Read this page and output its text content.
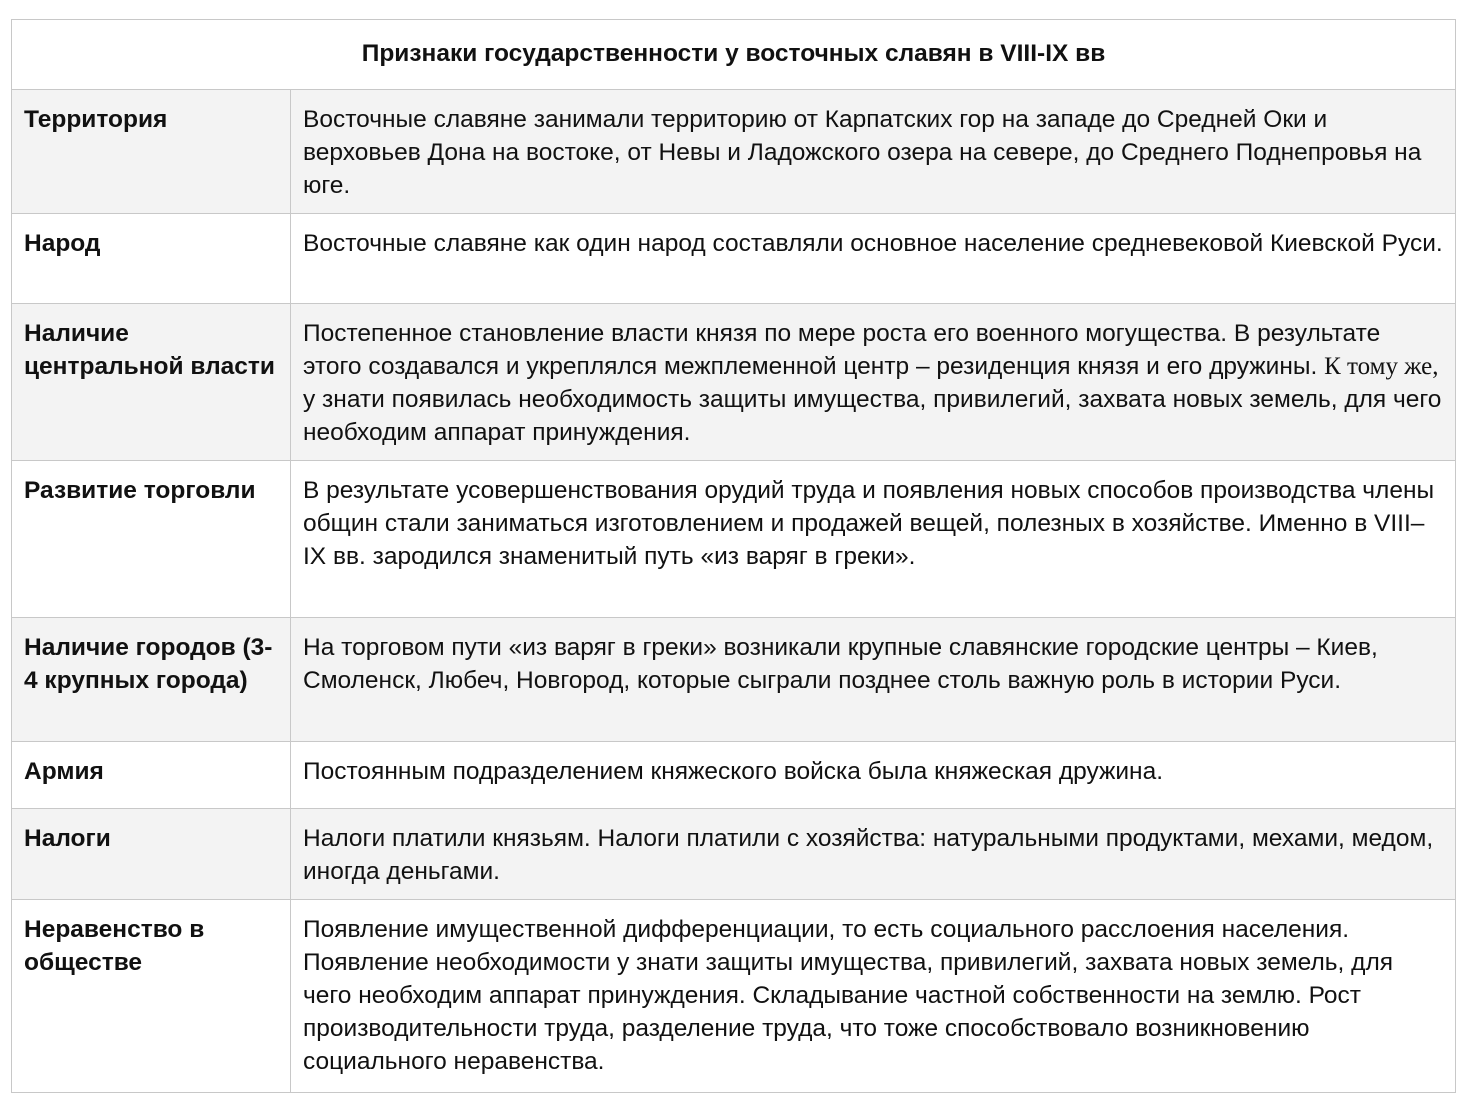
Признаки государственности у восточных славян в VIII-IX вв	
Территория	Восточные славяне занимали территорию от Карпатских гор на западе до Средней Оки и верховьев Дона на востоке, от Невы и Ладожского озера на севере, до Среднего Поднепровья на юге.
Народ	Восточные славяне как один народ составляли основное население средневековой Киевской Руси.
Наличие центральной власти	Постепенное становление власти князя по мере роста его военного могущества. В результате этого создавался и укреплялся межплеменной центр – резиденция князя и его дружины. К тому же, у знати появилась необходимость защиты имущества, привилегий, захвата новых земель, для чего необходим аппарат принуждения.
Развитие торговли	В результате усовершенствования орудий труда и появления новых способов производства члены общин стали заниматься изготовлением и продажей вещей, полезных в хозяйстве. Именно в VIII–IX вв. зародился знаменитый путь «из варяг в греки».
Наличие городов (3-4 крупных города)	На торговом пути «из варяг в греки» возникали крупные славянские городские центры – Киев, Смоленск, Любеч, Новгород, которые сыграли позднее столь важную роль в истории Руси.
Армия	Постоянным подразделением княжеского войска была княжеская дружина.
Налоги	Налоги платили князьям. Налоги платили с хозяйства: натуральными продуктами, мехами, медом, иногда деньгами.
Неравенство в обществе	Появление имущественной дифференциации, то есть социального расслоения населения. Появление необходимости у знати защиты имущества, привилегий, захвата новых земель, для чего необходим аппарат принуждения. Складывание частной собственности на землю. Рост производительности труда, разделение труда, что тоже способствовало возникновению социального неравенства.
